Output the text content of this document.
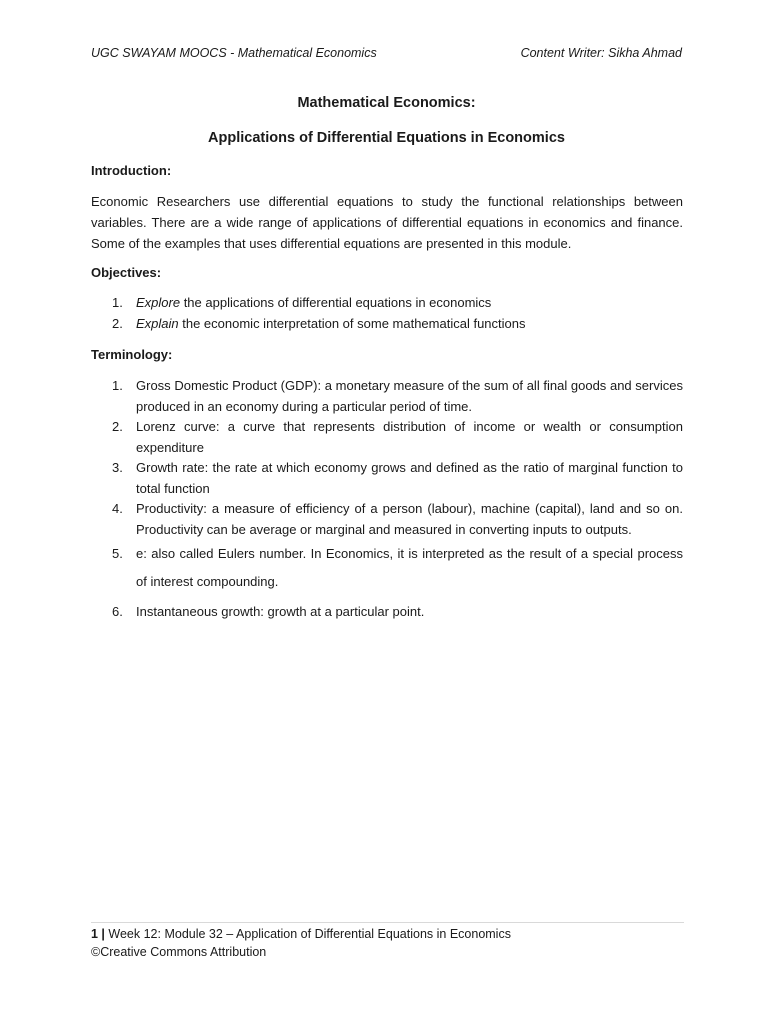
UGC SWAYAM MOOCS - Mathematical Economics	Content Writer: Sikha Ahmad
Mathematical Economics:
Applications of Differential Equations in Economics
Introduction:
Economic Researchers use differential equations to study the functional relationships between variables. There are a wide range of applications of differential equations in economics and finance. Some of the examples that uses differential equations are presented in this module.
Objectives:
1. Explore the applications of differential equations in economics
2. Explain the economic interpretation of some mathematical functions
Terminology:
1. Gross Domestic Product (GDP): a monetary measure of the sum of all final goods and services produced in an economy during a particular period of time.
2. Lorenz curve: a curve that represents distribution of income or wealth or consumption expenditure
3. Growth rate: the rate at which economy grows and defined as the ratio of marginal function to total function
4. Productivity: a measure of efficiency of a person (labour), machine (capital), land and so on. Productivity can be average or marginal and measured in converting inputs to outputs.
5. e: also called Eulers number. In Economics, it is interpreted as the result of a special process of interest compounding.
6. Instantaneous growth: growth at a particular point.
1 | Week 12: Module 32 – Application of Differential Equations in Economics
©Creative Commons Attribution
